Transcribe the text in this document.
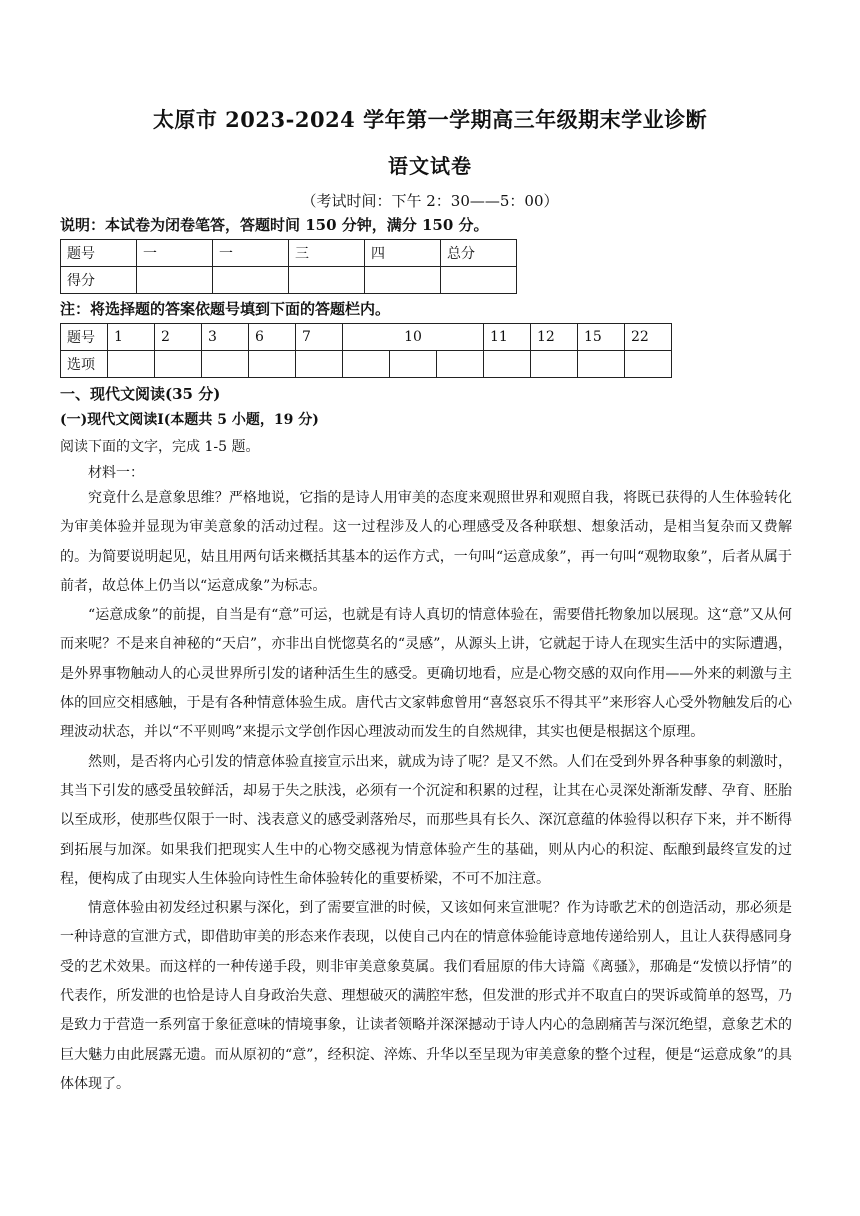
太原市 2023-2024 学年第一学期高三年级期末学业诊断
语文试卷
（考试时间：下午 2：30——5：00）
说明：本试卷为闭卷笔答，答题时间 150 分钟，满分 150 分。
题号	一	一	三	四	总分
得分					
注：将选择题的答案依题号填到下面的答题栏内。
题号	1	2	3	6	7	10			11	12	15	22
选项												
一、现代文阅读(35 分)
(一)现代文阅读Ⅰ(本题共 5 小题，19 分)
阅读下面的文字，完成 1-5 题。
材料一：

究竟什么是意象思维？严格地说，它指的是诗人用审美的态度来观照世界和观照自我，将既已获得的人生体验转化为审美体验并显现为审美意象的活动过程。这一过程涉及人的心理感受及各种联想、想象活动，是相当复杂而又费解的。为简要说明起见，姑且用两句话来概括其基本的运作方式，一句叫“运意成象”，再一句叫“观物取象”，后者从属于前者，故总体上仍当以“运意成象”为标志。

“运意成象”的前提，自当是有“意”可运，也就是有诗人真切的情意体验在，需要借托物象加以展现。这“意”又从何而来呢？不是来自神秘的“天启”，亦非出自恍惚莫名的“灵感”，从源头上讲，它就起于诗人在现实生活中的实际遭遇，是外界事物触动人的心灵世界所引发的诸种活生生的感受。更确切地看，应是心物交感的双向作用——外来的刺激与主体的回应交相感触，于是有各种情意体验生成。唐代古文家韩愈曾用“喜怒哀乐不得其平”来形容人心受外物触发后的心理波动状态，并以“不平则鸣”来提示文学创作因心理波动而发生的自然规律，其实也便是根据这个原理。

然则，是否将内心引发的情意体验直接宣示出来，就成为诗了呢？是又不然。人们在受到外界各种事象的刺激时，其当下引发的感受虽较鲜活，却易于失之肤浅，必须有一个沉淀和积累的过程，让其在心灵深处渐渐发酵、孕育、胚胎以至成形，使那些仅限于一时、浅表意义的感受剥落殆尽，而那些具有长久、深沉意蕴的体验得以积存下来，并不断得到拓展与加深。如果我们把现实人生中的心物交感视为情意体验产生的基础，则从内心的积淀、酝酿到最终宣发的过程，便构成了由现实人生体验向诗性生命体验转化的重要桥梁，不可不加注意。

情意体验由初发经过积累与深化，到了需要宣泄的时候，又该如何来宣泄呢？作为诗歌艺术的创造活动，那必须是一种诗意的宣泄方式，即借助审美的形态来作表现，以使自己内在的情意体验能诗意地传递给别人，且让人获得感同身受的艺术效果。而这样的一种传递手段，则非审美意象莫属。我们看屈原的伟大诗篇《离骚》，那确是“发愤以抒情”的代表作，所发泄的也恰是诗人自身政治失意、理想破灭的满腔牢愁，但发泄的形式并不取直白的哭诉或简单的怒骂，乃是致力于营造一系列富于象征意味的情境事象，让读者领略并深深撼动于诗人内心的急剧痛苦与深沉绝望，意象艺术的巨大魅力由此展露无遗。而从原初的“意”，经积淀、淬炼、升华以至呈现为审美意象的整个过程，便是“运意成象”的具体体现了。
